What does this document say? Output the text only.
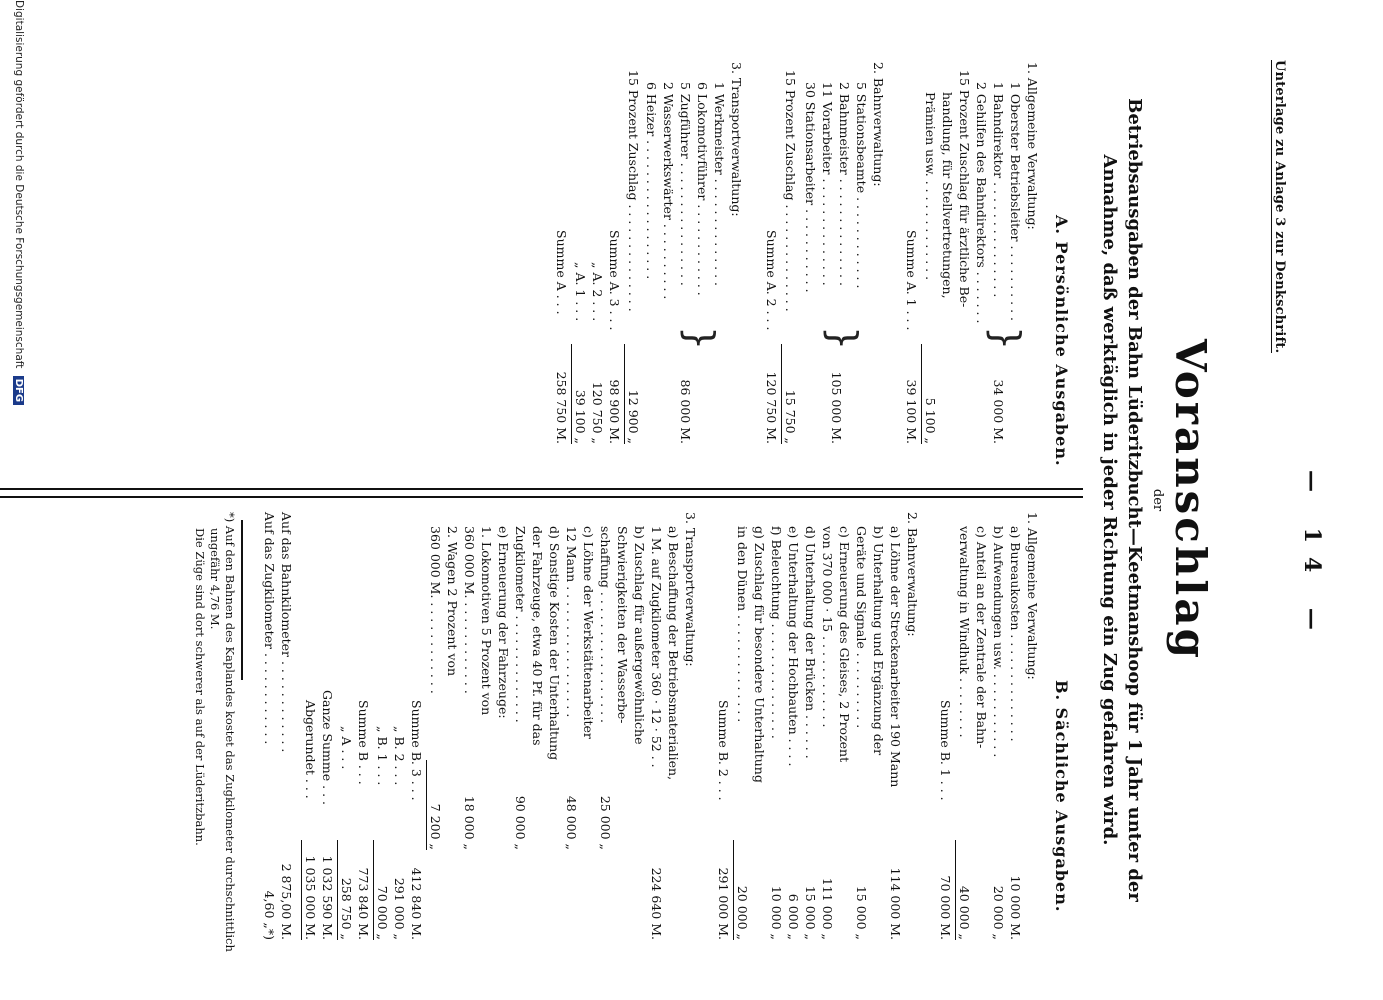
Unterlage zu Anlage 3 zur Denkschrift.
— 14 —
Voranschlag
der
Betriebsausgaben der Bahn Lüderitzbucht—Keetmanshoop für 1 Jahr unter der Annahme, daß werktäglich in jeder Richtung ein Zug gefahren wird.
A. Persönliche Ausgaben.
1. Allgemeine Verwaltung:
1 Oberster Betriebsleiter . . . . . . . . . .
1 Bahndirektor . . . . . . . . . . . . . . .
2 Gehilfen des Bahndirektors . . . . . . .
}
34 000 M.
15 Prozent Zuschlag für ärztliche Be-
handlung, für Stellvertretungen,
Prämien usw. . . . . . . . . . . . . .
5 100 „
Summe A. 1 . . .
39 100 M.
2. Bahnverwaltung:
5 Stationsbeamte . . . . . . . . . . . .
2 Bahnmeister . . . . . . . . . . . . . .
11 Vorarbeiter . . . . . . . . . . . . . .
30 Stationsarbeiter . . . . . . . . . . .
}
105 000 M.
15 Prozent Zuschlag . . . . . . . . . . . . . .
15 750 „
Summe A. 2 . . .
120 750 M.
3. Transportverwaltung:
1 Werkmeister . . . . . . . . . . . . . .
6 Lokomotivführer . . . . . . . . . . . .
5 Zugführer . . . . . . . . . . . . . . . .
2 Wasserwerkswärter . . . . . . . . . .
6 Heizer . . . . . . . . . . . . . . . . . .
}
86 000 M.
15 Prozent Zuschlag . . . . . . . . . . . . . .
12 900 „
Summe A. 3 . . .
98 900 M.
„ A. 2 . . .
120 750 „
„ A. 1 . . .
39 100 „
Summe A . . .
258 750 M.
B. Sächliche Ausgaben.
1. Allgemeine Verwaltung:
a) Bureaukosten . . . . . . . . . . . . . .
10 000 M.
b) Aufwendungen usw. . . . . . . . . . . .
20 000 „
c) Anteil an der Zentrale der Bahn-
verwaltung in Windhuk . . . . . . . .
40 000 „
Summe B. 1 . . .
70 000 M.
2. Bahnverwaltung:
a) Löhne der Streckenarbeiter 190 Mann
114 000 M.
b) Unterhaltung und Ergänzung der
Geräte und Signale . . . . . . . . . .
15 000 „
c) Erneuerung des Gleises, 2 Prozent
von 370 000 · 15 . . . . . . . . . . . .
111 000 „
d) Unterhaltung der Brücken . . . . . .
15 000 „
e) Unterhaltung der Hochbauten . . . .
6 000 „
f) Beleuchtung . . . . . . . . . . . . . . .
10 000 „
g) Zuschlag für besondere Unterhaltung
in den Dünen . . . . . . . . . . . . . .
20 000 „
Summe B. 2 . . .
291 000 M.
3. Transportverwaltung:
a) Beschaffung der Betriebsmaterialien,
1 M. auf Zugkilometer 360 · 12 · 52 . .
224 640 M.
b) Zuschlag für außergewöhnliche
Schwierigkeiten der Wasserbe-
schaffung . . . . . . . . . . . . . . . . .
25 000 „
c) Löhne der Werkstättenarbeiter
12 Mann . . . . . . . . . . . . . . . . .
48 000 „
d) Sonstige Kosten der Unterhaltung
der Fahrzeuge, etwa 40 Pf. für das
Zugkilometer . . . . . . . . . . . . . .
90 000 „
e) Erneuerung der Fahrzeuge:
1. Lokomotiven 5 Prozent von
360 000 M. . . . . . . . . . . . .
18 000 „
2. Wagen 2 Prozent von
360 000 M. . . . . . . . . . . . .
7 200 „
Summe B. 3 . . .
412 840 M.
„ B. 2 . . .
291 000 „
„ B. 1 . . .
70 000 „
Summe B . . .
773 840 M.
„ A . . .
258 750 „
Ganze Summe . . .
1 032 590 M.
Abgerundet . . .
1 035 000 M.
Auf das Bahnkilometer . . . . . . . . . . . .
2 875,00 M.
Auf das Zugkilometer . . . . . . . . . . . .
4,60 „*)
*) Auf den Bahnen des Kaplandes kostet das Zugkilometer durchschnittlich
ungefähr 4,76 M.
Die Züge sind dort schwerer als auf der Lüderitzbahn.
Digitalisierung gefördert durch die Deutsche Forschungsgemeinschaft DFG
